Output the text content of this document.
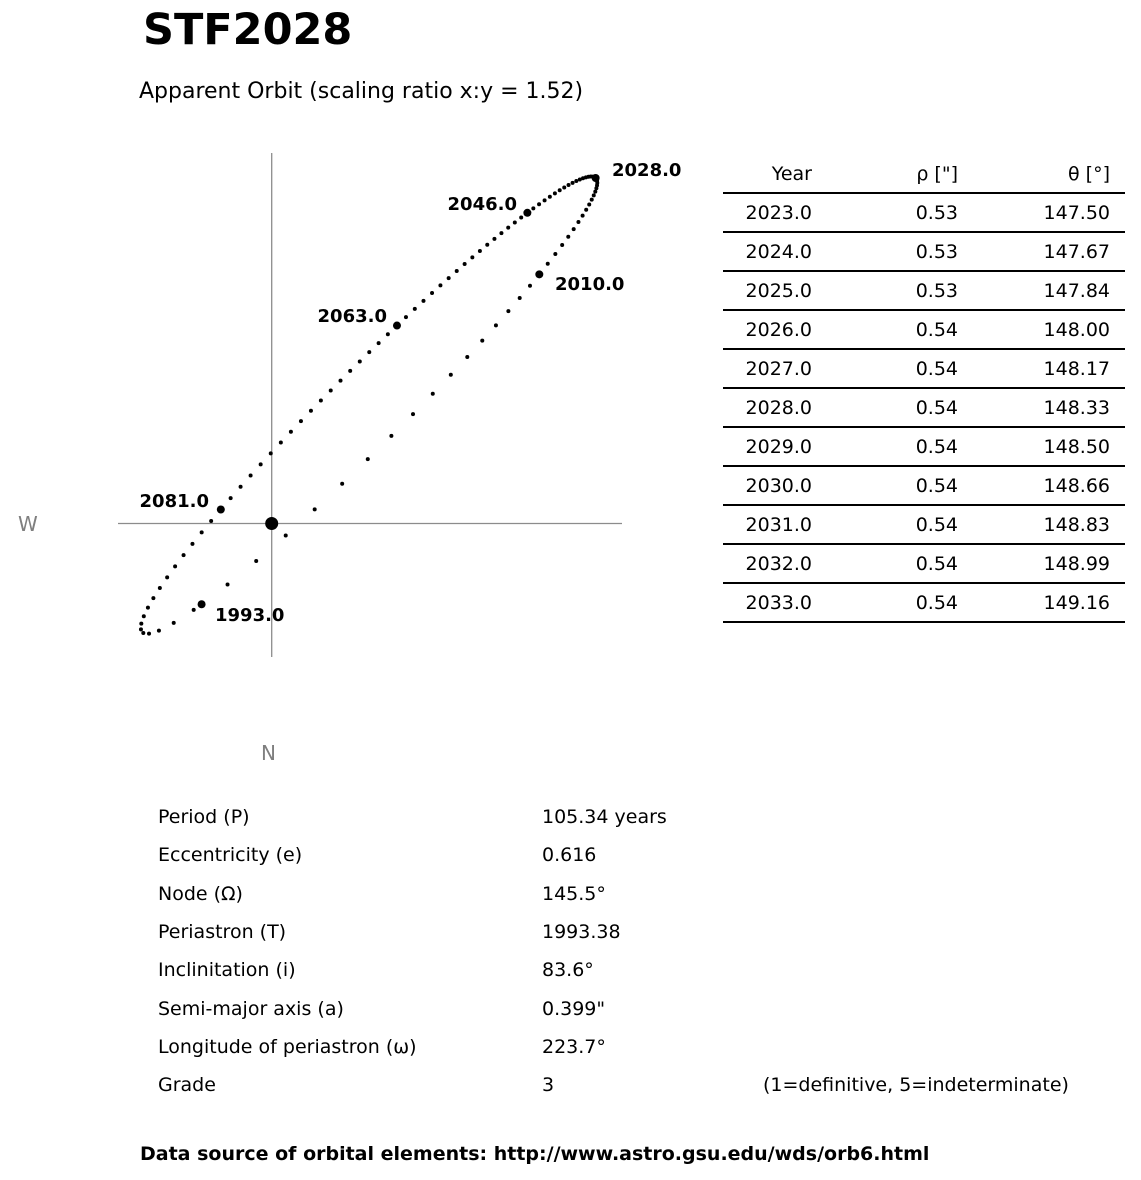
STF2028
Apparent Orbit (scaling ratio x:y = 1.52)
1993.0
2010.0
2028.0
2046.0
2063.0
2081.0
W
N
Year	ρ ["]	θ [°]
2023.0	0.53	147.50
2024.0	0.53	147.67
2025.0	0.53	147.84
2026.0	0.54	148.00
2027.0	0.54	148.17
2028.0	0.54	148.33
2029.0	0.54	148.50
2030.0	0.54	148.66
2031.0	0.54	148.83
2032.0	0.54	148.99
2033.0	0.54	149.16
Period (P)	105.34 years
Eccentricity (e)	0.616
Node (Ω)	145.5°
Periastron (T)	1993.38
Inclinitation (i)	83.6°
Semi-major axis (a)	0.399"
Longitude of periastron (ω)	223.7°
Grade	3	(1=definitive, 5=indeterminate)
Data source of orbital elements: http://www.astro.gsu.edu/wds/orb6.html
